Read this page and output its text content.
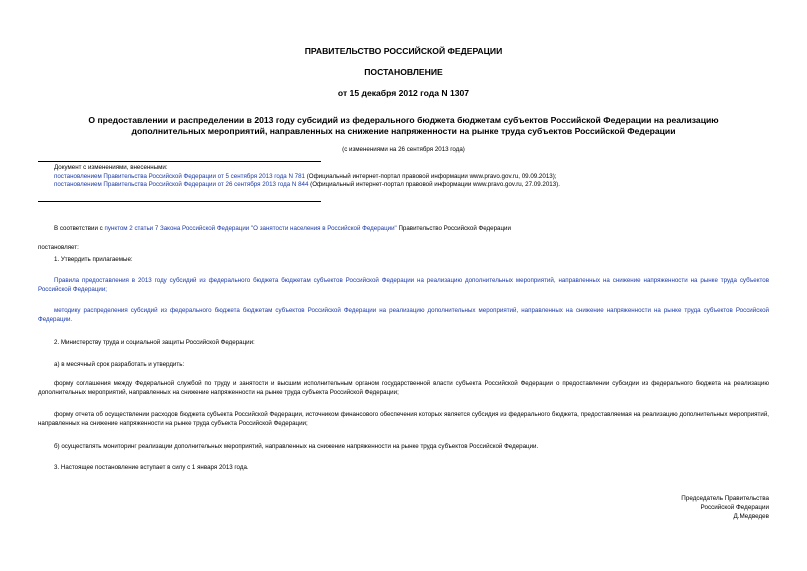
ПРАВИТЕЛЬСТВО РОССИЙСКОЙ ФЕДЕРАЦИИ
ПОСТАНОВЛЕНИЕ
от 15 декабря 2012 года N 1307
О предоставлении и распределении в 2013 году субсидий из федерального бюджета бюджетам субъектов Российской Федерации на реализацию
дополнительных мероприятий, направленных на снижение напряженности на рынке труда субъектов Российской Федерации
(с изменениями на 26 сентября 2013 года)
Документ с изменениями, внесенными:
постановлением Правительства Российской Федерации от 5 сентября 2013 года N 781 (Официальный интернет-портал правовой информации www.pravo.gov.ru, 09.09.2013);
постановлением Правительства Российской Федерации от 26 сентября 2013 года N 844 (Официальный интернет-портал правовой информации www.pravo.gov.ru, 27.09.2013).
В соответствии с пунктом 2 статьи 7 Закона Российской Федерации "О занятости населения в Российской Федерации" Правительство Российской Федерации
постановляет:
1. Утвердить прилагаемые:
Правила предоставления в 2013 году субсидий из федерального бюджета бюджетам субъектов Российской Федерации на реализацию дополнительных мероприятий, направленных на снижение напряженности на рынке труда субъектов Российской Федерации;
методику распределения субсидий из федерального бюджета бюджетам субъектов Российской Федерации на реализацию дополнительных мероприятий, направленных на снижение напряженности на рынке труда субъектов Российской Федерации.
2. Министерству труда и социальной защиты Российской Федерации:
а) в месячный срок разработать и утвердить:
форму соглашения между Федеральной службой по труду и занятости и высшим исполнительным органом государственной власти субъекта Российской Федерации о предоставлении субсидии из федерального бюджета на реализацию дополнительных мероприятий, направленных на снижение напряженности на рынке труда субъекта Российской Федерации;
форму отчета об осуществлении расходов бюджета субъекта Российской Федерации, источником финансового обеспечения которых является субсидия из федерального бюджета, предоставляемая на реализацию дополнительных мероприятий, направленных на снижение напряженности на рынке труда субъекта Российской Федерации;
б) осуществлять мониторинг реализации дополнительных мероприятий, направленных на снижение напряженности на рынке труда субъектов Российской Федерации.
3. Настоящее постановление вступает в силу с 1 января 2013 года.
Председатель Правительства
Российской Федерации
Д.Медведев
